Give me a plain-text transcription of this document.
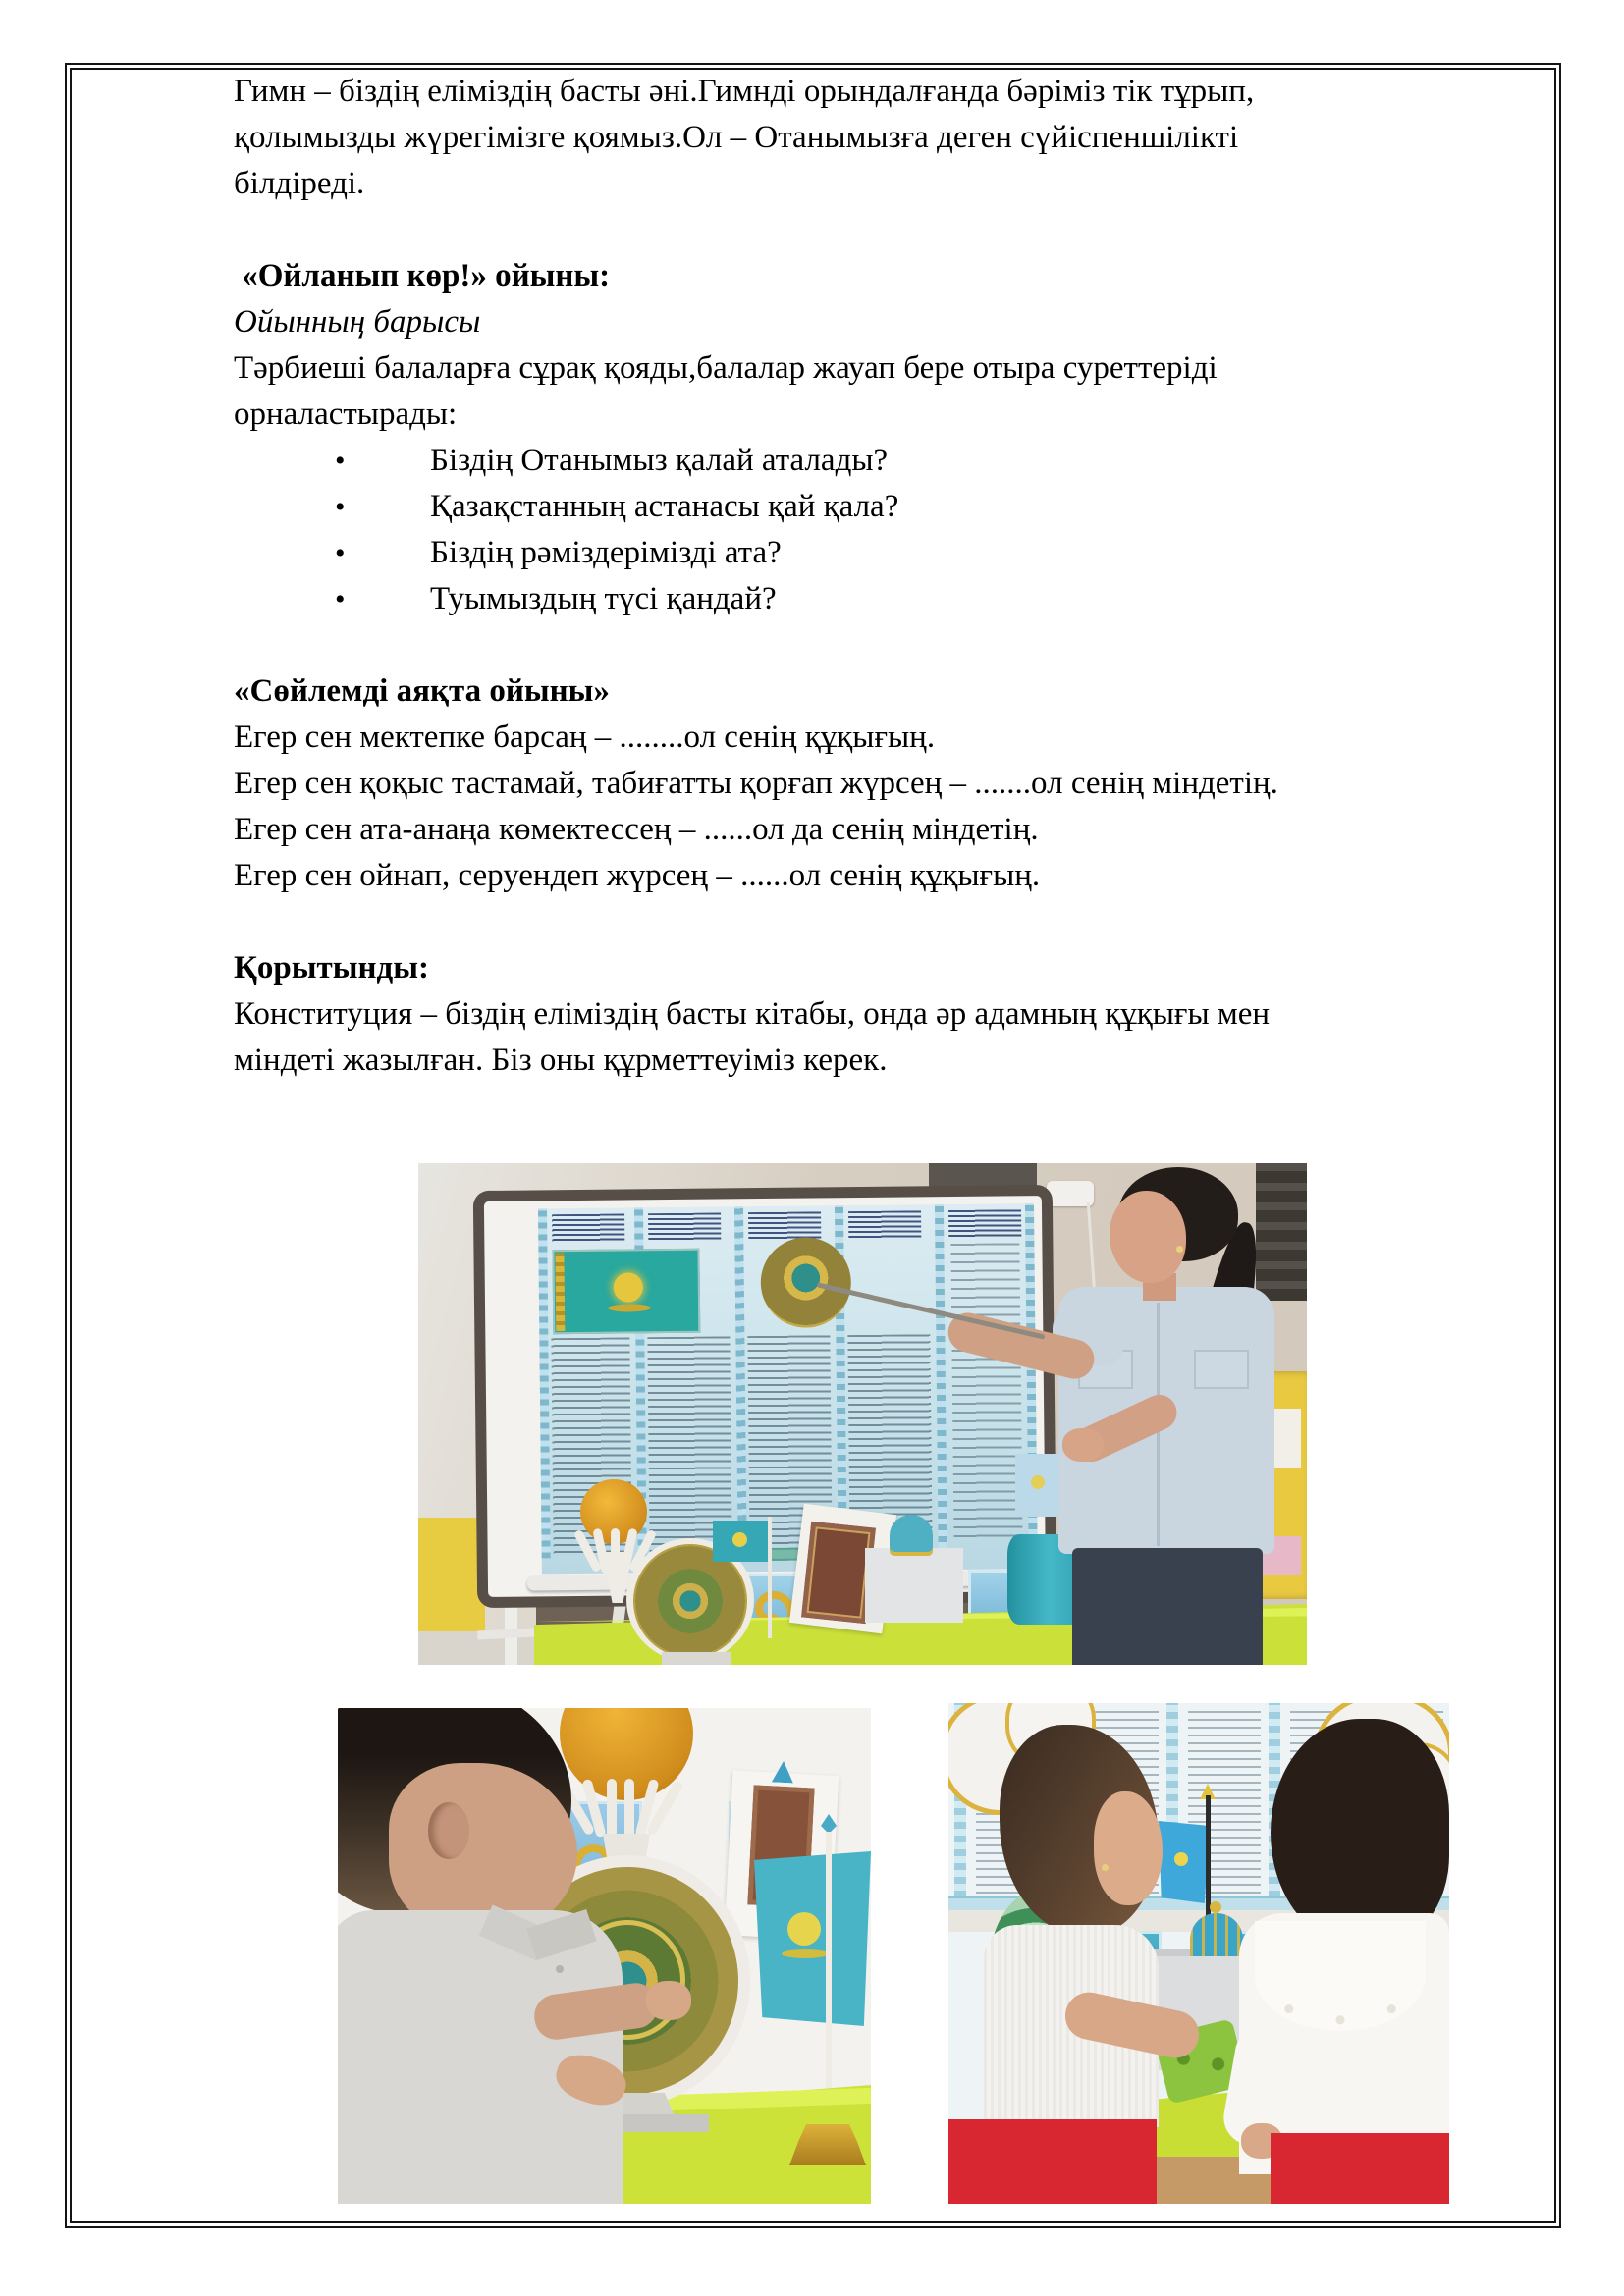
Гимн – біздің еліміздің басты әні.Гимнді орындалғанда бәріміз тік тұрып,
қолымызды жүрегімізге қоямыз.Ол – Отанымызға деген сүйіспеншілікті
білдіреді.
«Ойланып көр!» ойыны:
Ойынның барысы
Тәрбиеші балаларға сұрақ қояды,балалар жауап бере отыра суреттеріді
орналастырады:

•

	Біздің Отанымыз қалай аталады?

•

	Қазақстанның астанасы қай қала?

•

	Біздің рәміздерімізді ата?

•

	Туымыздың түсі қандай?

«Сөйлемді аяқта ойыны»
Егер сен мектепке барсаң – ........ол сенің құқығың.
Егер сен қоқыс тастамай, табиғатты қорғап жүрсең – .......ол сенің міндетің.
Егер сен ата-анаңа көмектессең – ......ол да сенің міндетің.
Егер сен ойнап, серуендеп жүрсең – ......ол сенің құқығың.
Қорытынды:
Конституция – біздің еліміздің басты кітабы, онда әр адамның құқығы мен
міндеті жазылған. Біз оны құрметтеуіміз керек.
